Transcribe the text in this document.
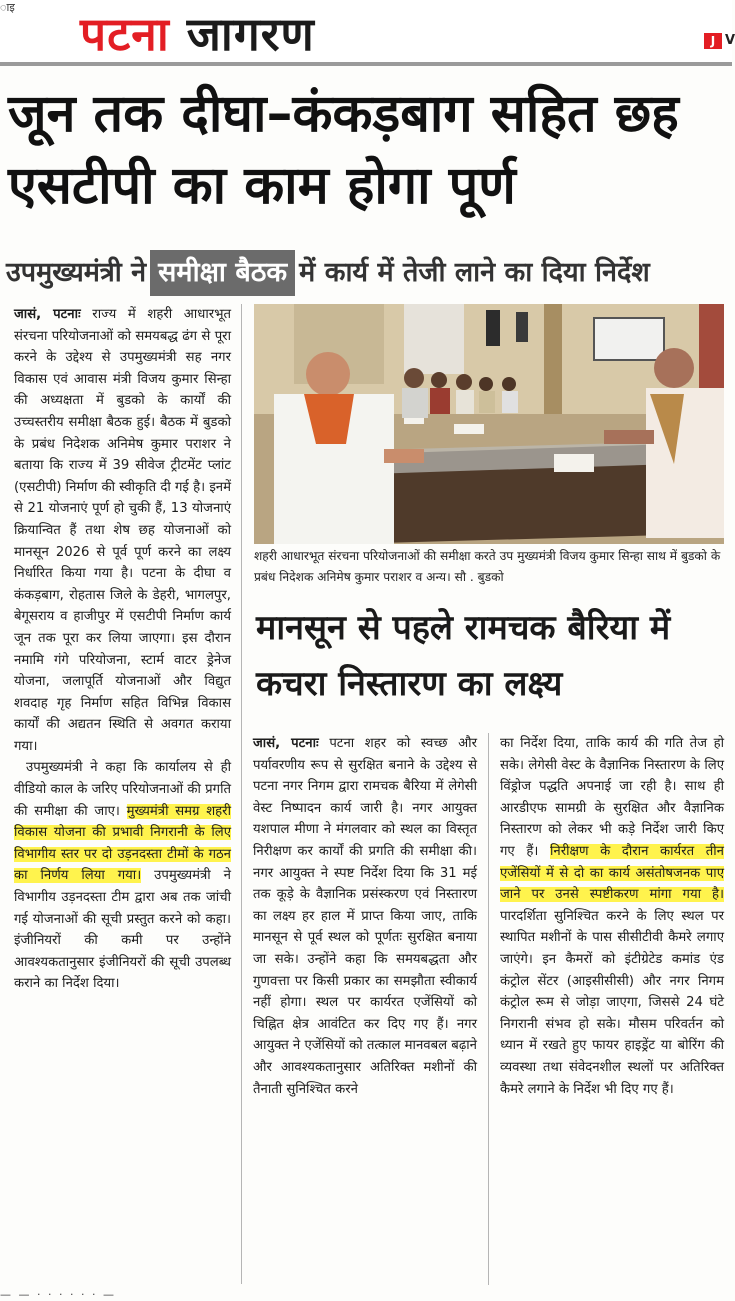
ाइ पटना जागरण	J V
जून तक दीघा–कंकड़बाग सहित छह एसटीपी का काम होगा पूर्ण
उपमुख्यमंत्री ने समीक्षा बैठक में कार्य में तेजी लाने का दिया निर्देश

जासं, पटनाः राज्य में शहरी आधारभूत संरचना परियोजनाओं को समयबद्ध ढंग से पूरा करने के उद्देश्य से उपमुख्यमंत्री सह नगर विकास एवं आवास मंत्री विजय कुमार सिन्हा की अध्यक्षता में बुडको के कार्यों की उच्चस्तरीय समीक्षा बैठक हुई। बैठक में बुडको के प्रबंध निदेशक अनिमेष कुमार पराशर ने बताया कि राज्य में 39 सीवेज ट्रीटमेंट प्लांट (एसटीपी) निर्माण की स्वीकृति दी गई है। इनमें से 21 योजनाएं पूर्ण हो चुकी हैं, 13 योजनाएं क्रियान्वित हैं तथा शेष छह योजनाओं को मानसून 2026 से पूर्व पूर्ण करने का लक्ष्य निर्धारित किया गया है। पटना के दीघा व कंकड़बाग, रोहतास जिले के डेहरी, भागलपुर, बेगूसराय व हाजीपुर में एसटीपी निर्माण कार्य जून तक पूरा कर लिया जाएगा। इस दौरान नमामि गंगे परियोजना, स्टार्म वाटर ड्रेनेज योजना, जलापूर्ति योजनाओं और विद्युत शवदाह गृह निर्माण सहित विभिन्न विकास कार्यों की अद्यतन स्थिति से अवगत कराया गया।

उपमुख्यमंत्री ने कहा कि कार्यालय से ही वीडियो काल के जरिए परियोजनाओं की प्रगति की समीक्षा की जाए। मुख्यमंत्री समग्र शहरी विकास योजना की प्रभावी निगरानी के लिए विभागीय स्तर पर दो उड़नदस्ता टीमों के गठन का निर्णय लिया गया। उपमुख्यमंत्री ने विभागीय उड़नदस्ता टीम द्वारा अब तक जांची गई योजनाओं की सूची प्रस्तुत करने को कहा। इंजीनियरों की कमी पर उन्होंने आवश्यकतानुसार इंजीनियरों की सूची उपलब्ध कराने का निर्देश दिया।

शहरी आधारभूत संरचना परियोजनाओं की समीक्षा करते उप मुख्यमंत्री विजय कुमार सिन्हा साथ में बुडको के प्रबंध निदेशक अनिमेष कुमार पराशर व अन्य। सौ . बुडको
मानसून से पहले रामचक बैरिया में कचरा निस्तारण का लक्ष्य

जासं, पटनाः पटना शहर को स्वच्छ और पर्यावरणीय रूप से सुरक्षित बनाने के उद्देश्य से पटना नगर निगम द्वारा रामचक बैरिया में लेगेसी वेस्ट निष्पादन कार्य जारी है। नगर आयुक्त यशपाल मीणा ने मंगलवार को स्थल का विस्तृत निरीक्षण कर कार्यों की प्रगति की समीक्षा की। नगर आयुक्त ने स्पष्ट निर्देश दिया कि 31 मई तक कूड़े के वैज्ञानिक प्रसंस्करण एवं निस्तारण का लक्ष्य हर हाल में प्राप्त किया जाए, ताकि मानसून से पूर्व स्थल को पूर्णतः सुरक्षित बनाया जा सके। उन्होंने कहा कि समयबद्धता और गुणवत्ता पर किसी प्रकार का समझौता स्वीकार्य नहीं होगा। स्थल पर कार्यरत एजेंसियों को चिह्नित क्षेत्र आवंटित कर दिए गए हैं। नगर आयुक्त ने एजेंसियों को तत्काल मानवबल बढ़ाने और आवश्यकतानुसार अतिरिक्त मशीनों की तैनाती सुनिश्चित करने

का निर्देश दिया, ताकि कार्य की गति तेज हो सके। लेगेसी वेस्ट के वैज्ञानिक निस्तारण के लिए विंड्रोज पद्धति अपनाई जा रही है। साथ ही आरडीएफ सामग्री के सुरक्षित और वैज्ञानिक निस्तारण को लेकर भी कड़े निर्देश जारी किए गए हैं। निरीक्षण के दौरान कार्यरत तीन एजेंसियों में से दो का कार्य असंतोषजनक पाए जाने पर उनसे स्पष्टीकरण मांगा गया है। पारदर्शिता सुनिश्चित करने के लिए स्थल पर स्थापित मशीनों के पास सीसीटीवी कैमरे लगाए जाएंगे। इन कैमरों को इंटीग्रेटेड कमांड एंड कंट्रोल सेंटर (आइसीसीसी) और नगर निगम कंट्रोल रूम से जोड़ा जाएगा, जिससे 24 घंटे निगरानी संभव हो सके। मौसम परिवर्तन को ध्यान में रखते हुए फायर हाइड्रेंट या बोरिंग की व्यवस्था तथा संवेदनशील स्थलों पर अतिरिक्त कैमरे लगाने के निर्देश भी दिए गए हैं।

— — · · · · · · —
